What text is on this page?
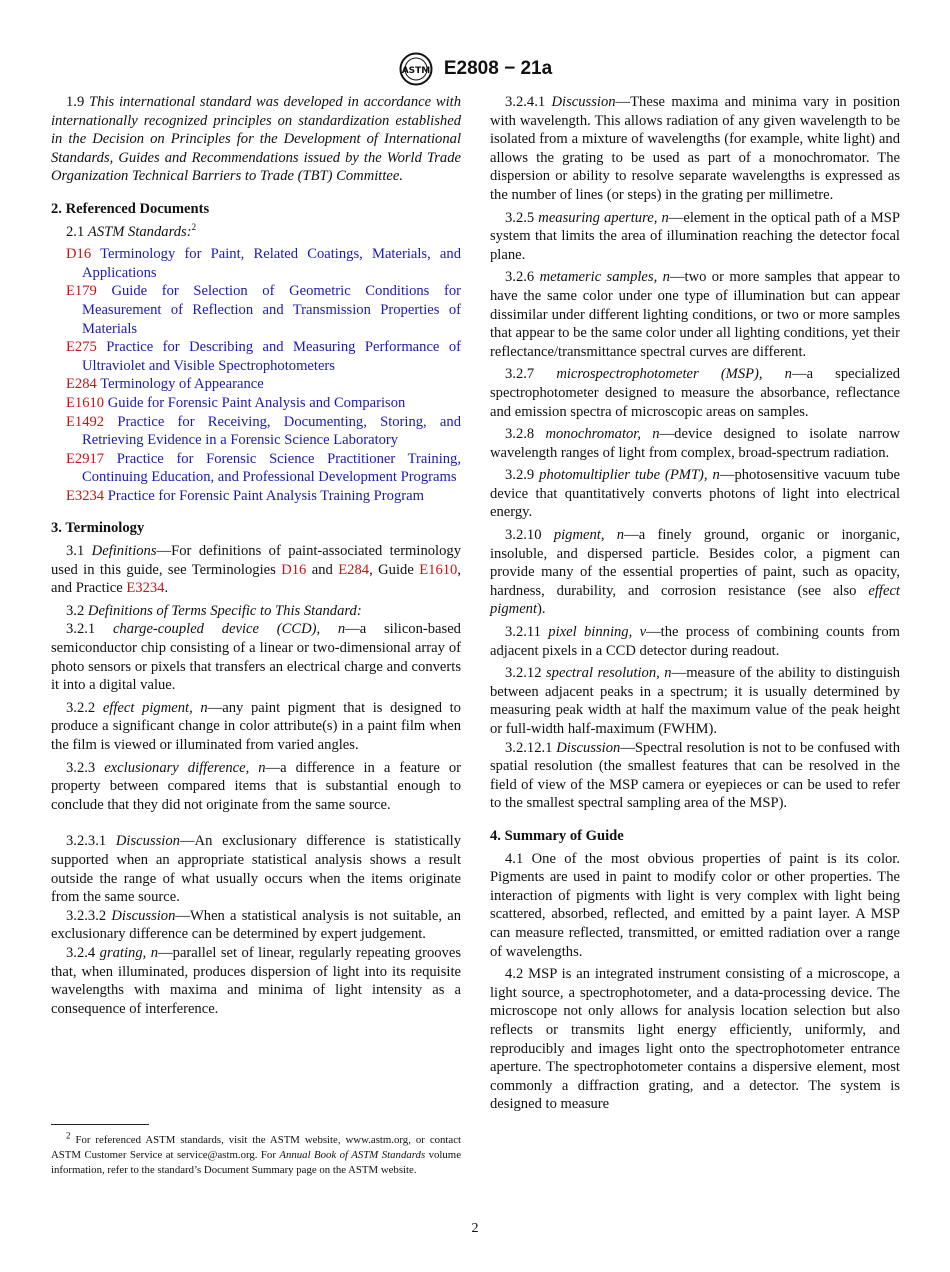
ASTM E2808 − 21a

1.9 This international standard was developed in accordance with internationally recognized principles on standardization established in the Decision on Principles for the Development of International Standards, Guides and Recommendations issued by the World Trade Organization Technical Barriers to Trade (TBT) Committee.

2. Referenced Documents

2.1 ASTM Standards:$^2$

D16 Terminology for Paint, Related Coatings, Materials, and Applications
E179 Guide for Selection of Geometric Conditions for Measurement of Reflection and Transmission Properties of Materials
E275 Practice for Describing and Measuring Performance of Ultraviolet and Visible Spectrophotometers
E284 Terminology of Appearance
E1610 Guide for Forensic Paint Analysis and Comparison
E1492 Practice for Receiving, Documenting, Storing, and Retrieving Evidence in a Forensic Science Laboratory
E2917 Practice for Forensic Science Practitioner Training, Continuing Education, and Professional Development Programs
E3234 Practice for Forensic Paint Analysis Training Program
3. Terminology

3.1 Definitions—For definitions of paint-associated terminology used in this guide, see Terminologies D16 and E284, Guide E1610, and Practice E3234.

3.2 Definitions of Terms Specific to This Standard:

3.2.1 charge-coupled device (CCD), n—a silicon-based semiconductor chip consisting of a linear or two-dimensional array of photo sensors or pixels that transfers an electrical charge and converts it into a digital value.

3.2.2 effect pigment, n—any paint pigment that is designed to produce a significant change in color attribute(s) in a paint film when the film is viewed or illuminated from varied angles.

3.2.3 exclusionary difference, n—a difference in a feature or property between compared items that is substantial enough to conclude that they did not originate from the same source.

3.2.3.1 Discussion—An exclusionary difference is statistically supported when an appropriate statistical analysis shows a result outside the range of what usually occurs when the items originate from the same source.

3.2.3.2 Discussion—When a statistical analysis is not suitable, an exclusionary difference can be determined by expert judgement.

3.2.4 grating, n—parallel set of linear, regularly repeating grooves that, when illuminated, produces dispersion of light into its requisite wavelengths with maxima and minima of light intensity as a consequence of interference.

$^2$ For referenced ASTM standards, visit the ASTM website, www.astm.org, or contact ASTM Customer Service at service@astm.org. For Annual Book of ASTM Standards volume information, refer to the standard’s Document Summary page on the ASTM website.

3.2.4.1 Discussion—These maxima and minima vary in position with wavelength. This allows radiation of any given wavelength to be isolated from a mixture of wavelengths (for example, white light) and allows the grating to be used as part of a monochromator. The dispersion or ability to resolve separate wavelengths is expressed as the number of lines (or steps) in the grating per millimetre.

3.2.5 measuring aperture, n—element in the optical path of a MSP system that limits the area of illumination reaching the detector focal plane.

3.2.6 metameric samples, n—two or more samples that appear to have the same color under one type of illumination but can appear dissimilar under different lighting conditions, or two or more samples that appear to be the same color under all lighting conditions, yet their reflectance/transmittance spectral curves are different.

3.2.7 microspectrophotometer (MSP), n—a specialized spectrophotometer designed to measure the absorbance, reflectance and emission spectra of microscopic areas on samples.

3.2.8 monochromator, n—device designed to isolate narrow wavelength ranges of light from complex, broad-spectrum radiation.

3.2.9 photomultiplier tube (PMT), n—photosensitive vacuum tube device that quantitatively converts photons of light into electrical energy.

3.2.10 pigment, n—a finely ground, organic or inorganic, insoluble, and dispersed particle. Besides color, a pigment can provide many of the essential properties of paint, such as opacity, hardness, durability, and corrosion resistance (see also effect pigment).

3.2.11 pixel binning, v—the process of combining counts from adjacent pixels in a CCD detector during readout.

3.2.12 spectral resolution, n—measure of the ability to distinguish between adjacent peaks in a spectrum; it is usually determined by measuring peak width at half the maximum value of the peak height or full-width half-maximum (FWHM).

3.2.12.1 Discussion—Spectral resolution is not to be confused with spatial resolution (the smallest features that can be resolved in the field of view of the MSP camera or eyepieces or can be used to refer to the smallest spectral sampling area of the MSP).

4. Summary of Guide

4.1 One of the most obvious properties of paint is its color. Pigments are used in paint to modify color or other properties. The interaction of pigments with light is very complex with light being scattered, absorbed, reflected, and emitted by a paint layer. A MSP can measure reflected, transmitted, or emitted radiation over a range of wavelengths.

4.2 MSP is an integrated instrument consisting of a microscope, a light source, a spectrophotometer, and a data-processing device. The microscope not only allows for analysis location selection but also reflects or transmits light energy efficiently, uniformly, and reproducibly and images light onto the spectrophotometer entrance aperture. The spectrophotometer contains a dispersive element, most commonly a diffraction grating, and a detector. The system is designed to measure

2
